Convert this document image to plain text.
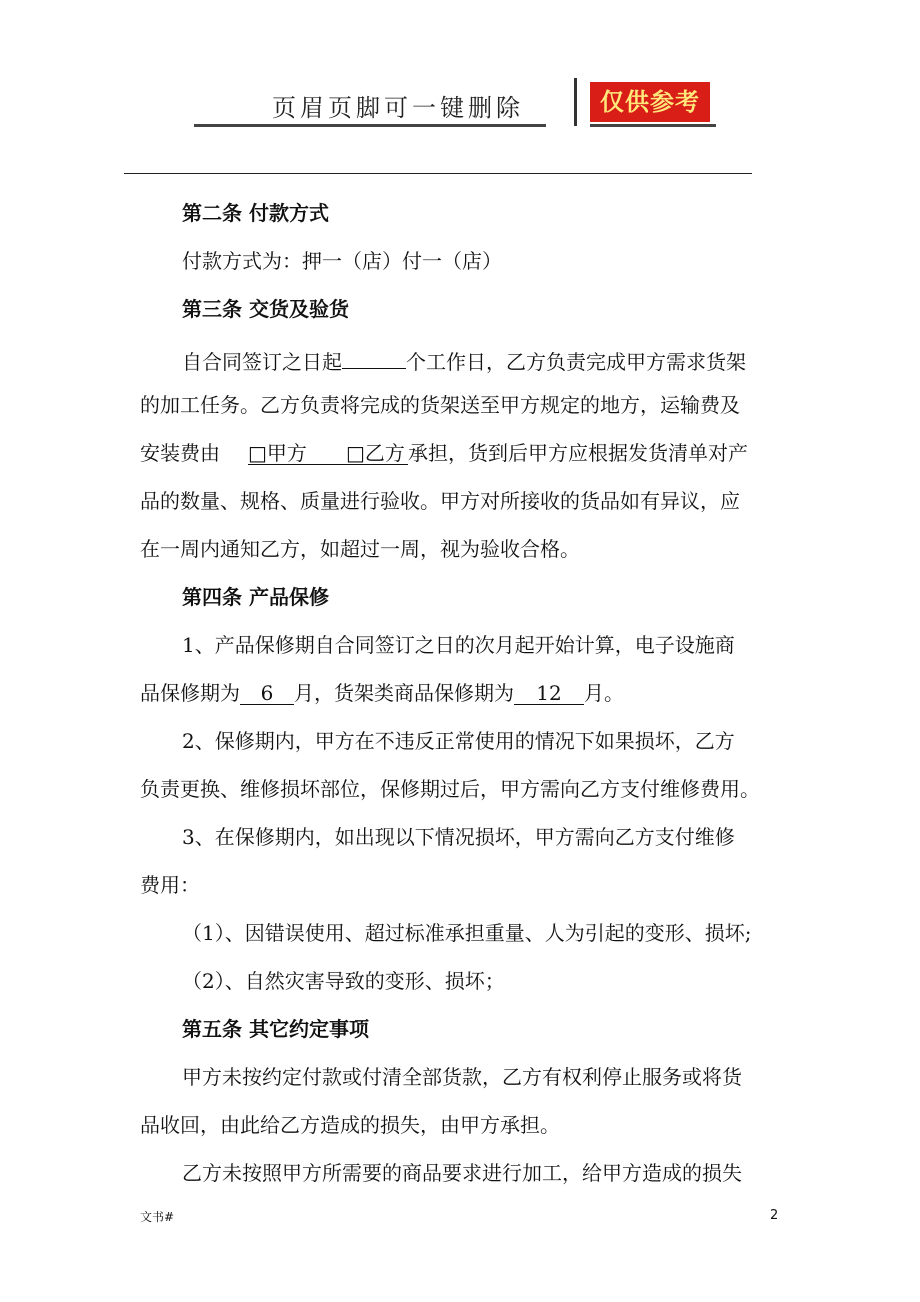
页眉页脚可一键删除	仅供参考
第二条 付款方式
付款方式为：押一（店）付一（店）
第三条 交货及验货
自合同签订之日起	个工作日，乙方负责完成甲方需求货架
的加工任务。乙方负责将完成的货架送至甲方规定的地方，运输费及
安装费由 □甲方 □乙方 承担，货到后甲方应根据发货清单对产
品的数量、规格、质量进行验收。甲方对所接收的货品如有异议，应
在一周内通知乙方，如超过一周，视为验收合格。
第四条 产品保修
1、产品保修期自合同签订之日的次月起开始计算，电子设施商
品保修期为 6 月，货架类商品保修期为 12 月。
2、保修期内，甲方在不违反正常使用的情况下如果损坏，乙方
负责更换、维修损坏部位，保修期过后，甲方需向乙方支付维修费用。
3、在保修期内，如出现以下情况损坏，甲方需向乙方支付维修
费用：
（1）、因错误使用、超过标准承担重量、人为引起的变形、损坏;
（2）、自然灾害导致的变形、损坏；
第五条 其它约定事项
甲方未按约定付款或付清全部货款，乙方有权利停止服务或将货
品收回，由此给乙方造成的损失，由甲方承担。
乙方未按照甲方所需要的商品要求进行加工，给甲方造成的损失
文书#	2
